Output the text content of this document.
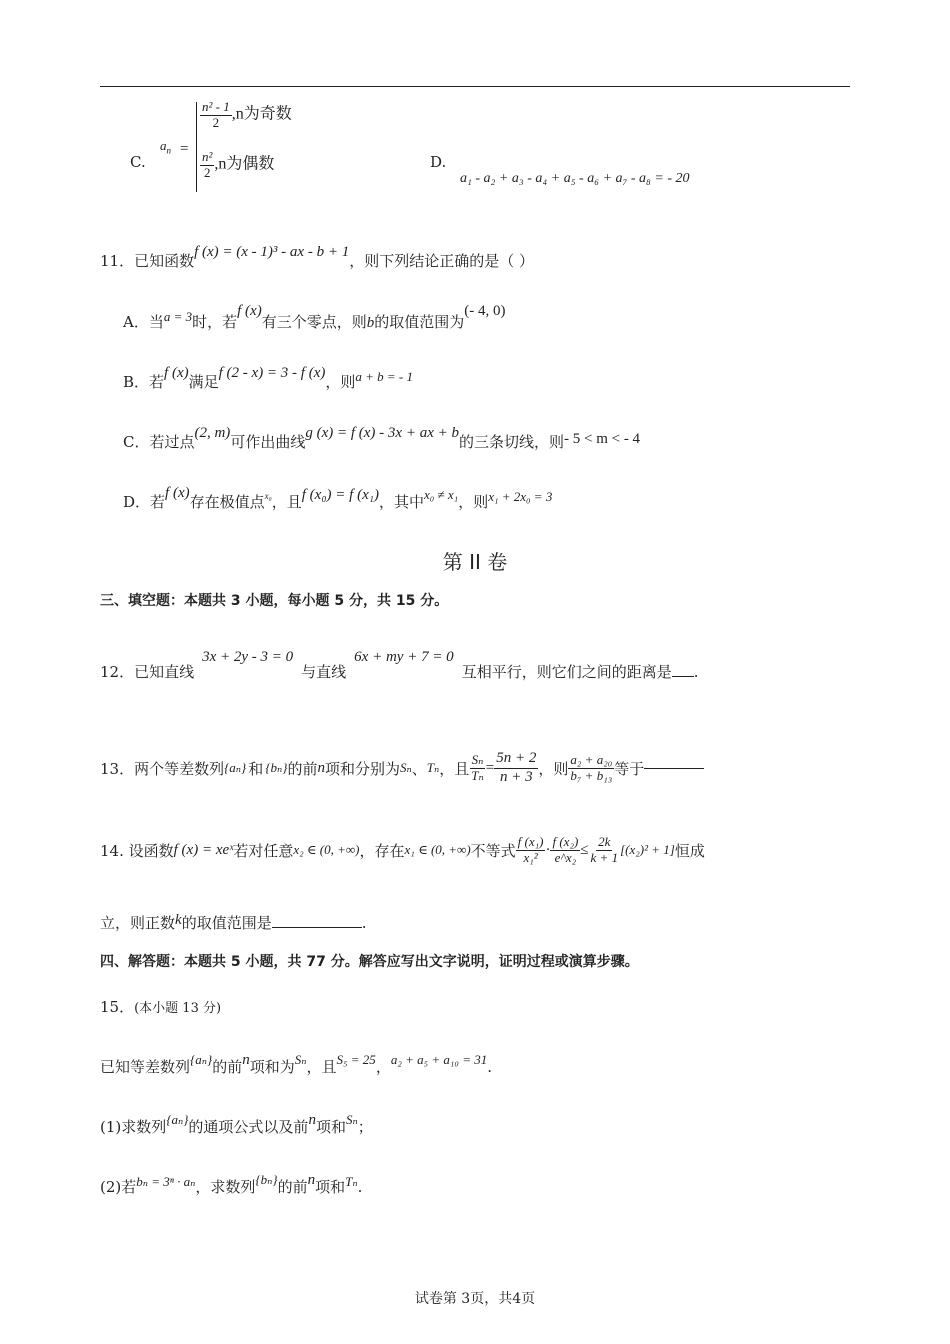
C.
$a_n$ =
$\frac{\text{n² - 1}}{2} ,n$为奇数
$\frac{\text{n²}}{2} ,n$为偶数	D.
a₁ - a₂ + a₃ - a₄ + a₅ - a₆ + a₇ - a₈ = - 20
11．已知函数f (x) = (x - 1)³ - ax - b + 1，则下列结论正确的是（ ）
A．当a = 3时，若f (x)有三个零点，则b的取值范围为(- 4, 0)
B．若f (x)满足f (2 - x) = 3 - f (x)，则a + b = - 1
C．若过点(2, m)可作出曲线g (x) = f (x) - 3x + ax + b的三条切线，则- 5 < m < - 4
D．若f (x)存在极值点$^{x_0}$，且f (x₀) = f (x₁)，其中x₀ ≠ x₁，则x₁ + 2x₀ = 3
第 II 卷
三、填空题：本题共 3 小题，每小题 5 分，共 15 分。
12．已知直线3x + 2y - 3 = 0与直线6x + my + 7 = 0互相平行，则它们之间的距离是 .
13．两个等差数列 {aₙ} 和 {bₙ} 的前 n 项和分别为 Sₙ 、 Tₙ ，且 $\frac{\text{Sₙ}}{\text{Tₙ}} = \frac{5n + 2}{n + 3}$ ，则 $\frac{\text{a₂ + a₂₀}}{\text{b₇ + b₁₃}}$ 等于
14. 设函数 f (x) = xeˣ 若对任意 x₂ ∈ (0, +∞) ，存在 x₁ ∈ (0, +∞) 不等式 $\frac{\text{f (x₁)}}{\text{x₁²}} \cdot \frac{\text{f (x₂)}}{\text{e\textasciicircum{}x₂}} \le \frac{2k}{k + 1} [(x_2)^2 + 1]$ 恒成
立，则正数k的取值范围是	.
四、解答题：本题共 5 小题，共 77 分。解答应写出文字说明，证明过程或演算步骤。
15．(本小题 13 分)
已知等差数列{aₙ}的前n项和为Sₙ，且S₅ = 25，a₂ + a₅ + a₁₀ = 31.
(1)求数列{aₙ}的通项公式以及前n项和Sₙ；
(2)若bₙ = 3ⁿ · aₙ，求数列{bₙ}的前n项和Tₙ.
试卷第 3页，共4页
